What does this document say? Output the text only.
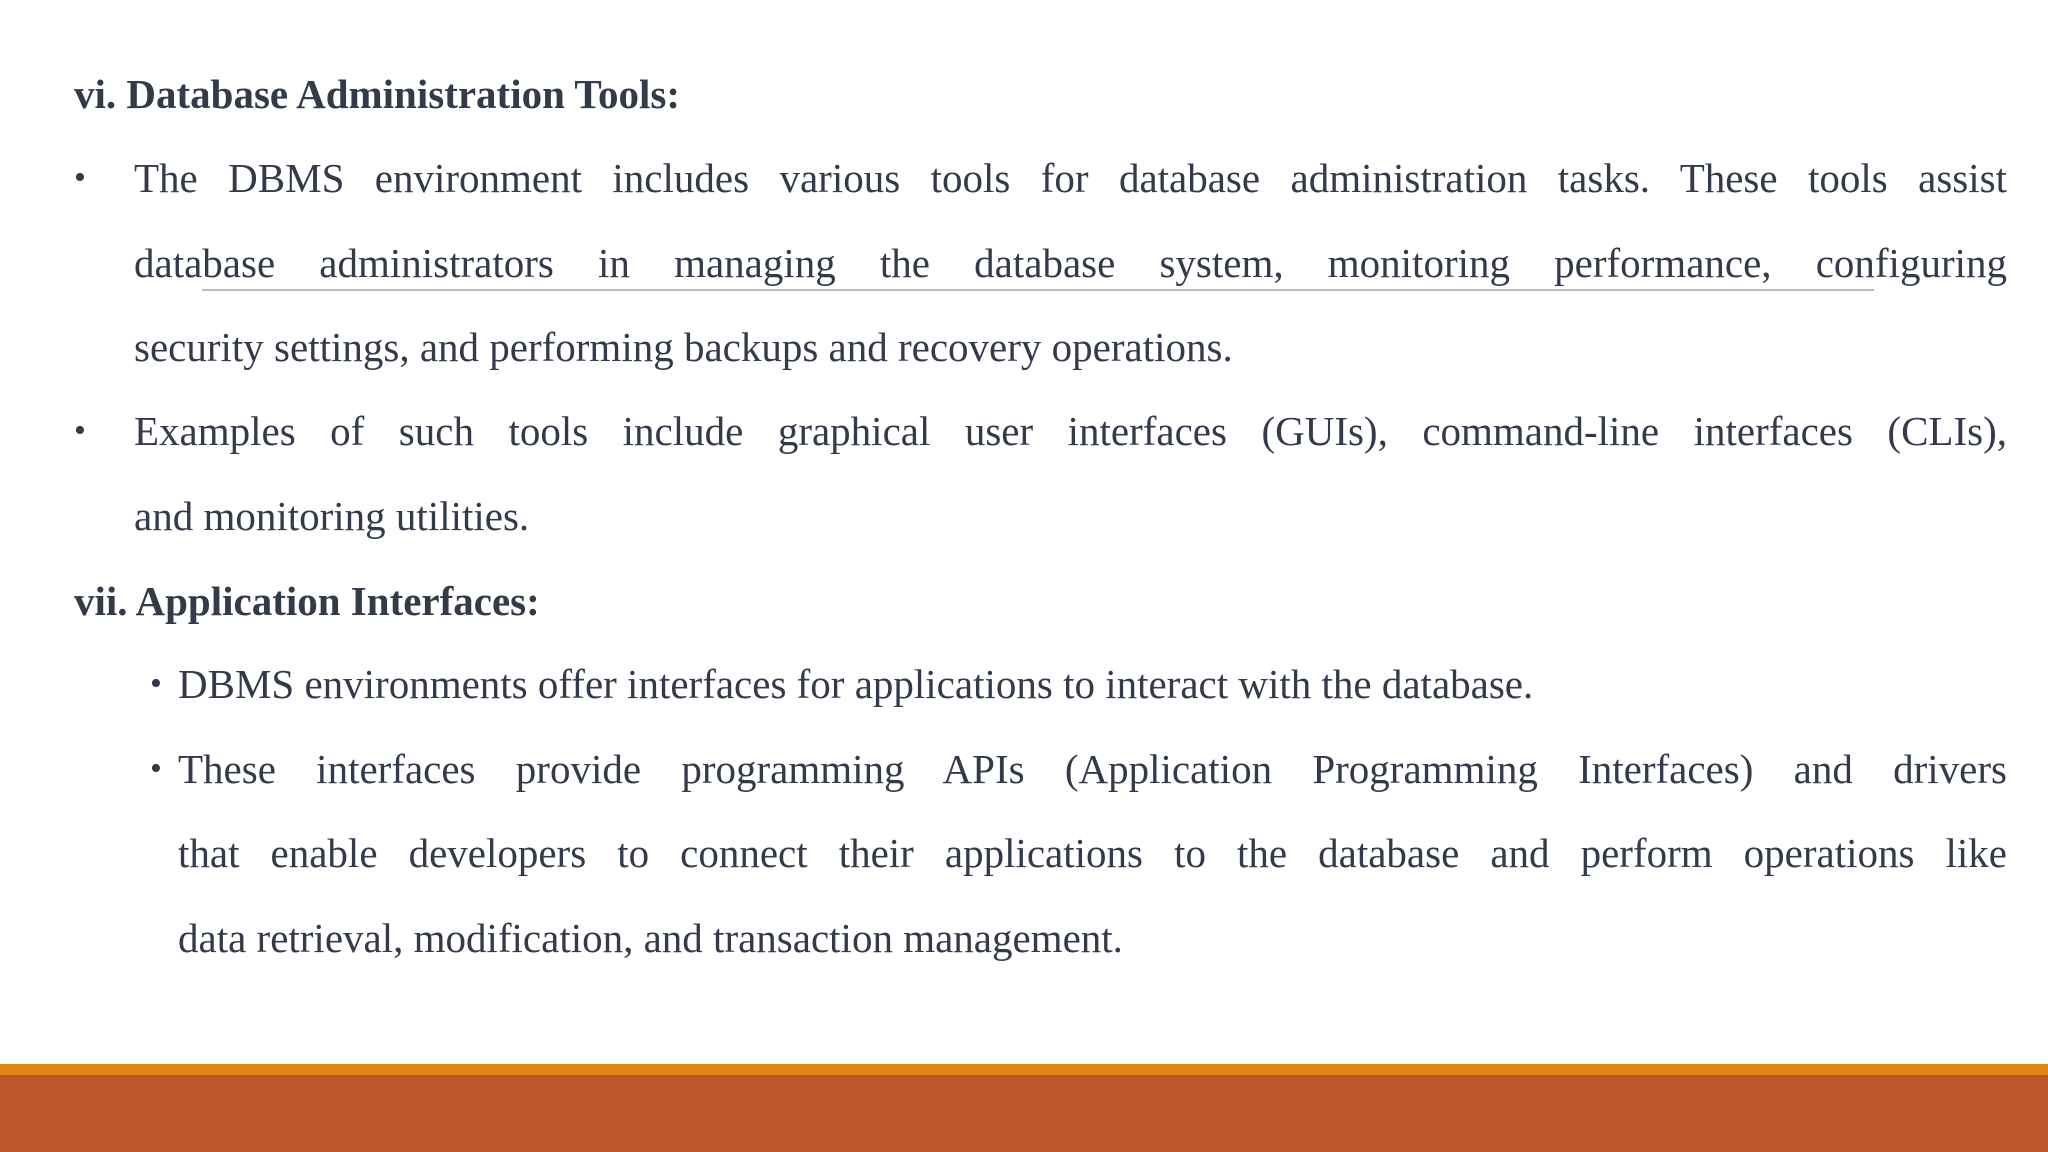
vi. Database Administration Tools:
• The DBMS environment includes various tools for database administration tasks. These tools assist
database administrators in managing the database system, monitoring performance, configuring
security settings, and performing backups and recovery operations.
• Examples of such tools include graphical user interfaces (GUIs), command-line interfaces (CLIs),
and monitoring utilities.
vii. Application Interfaces:
• DBMS environments offer interfaces for applications to interact with the database.
• These interfaces provide programming APIs (Application Programming Interfaces) and drivers
that enable developers to connect their applications to the database and perform operations like
data retrieval, modification, and transaction management.
